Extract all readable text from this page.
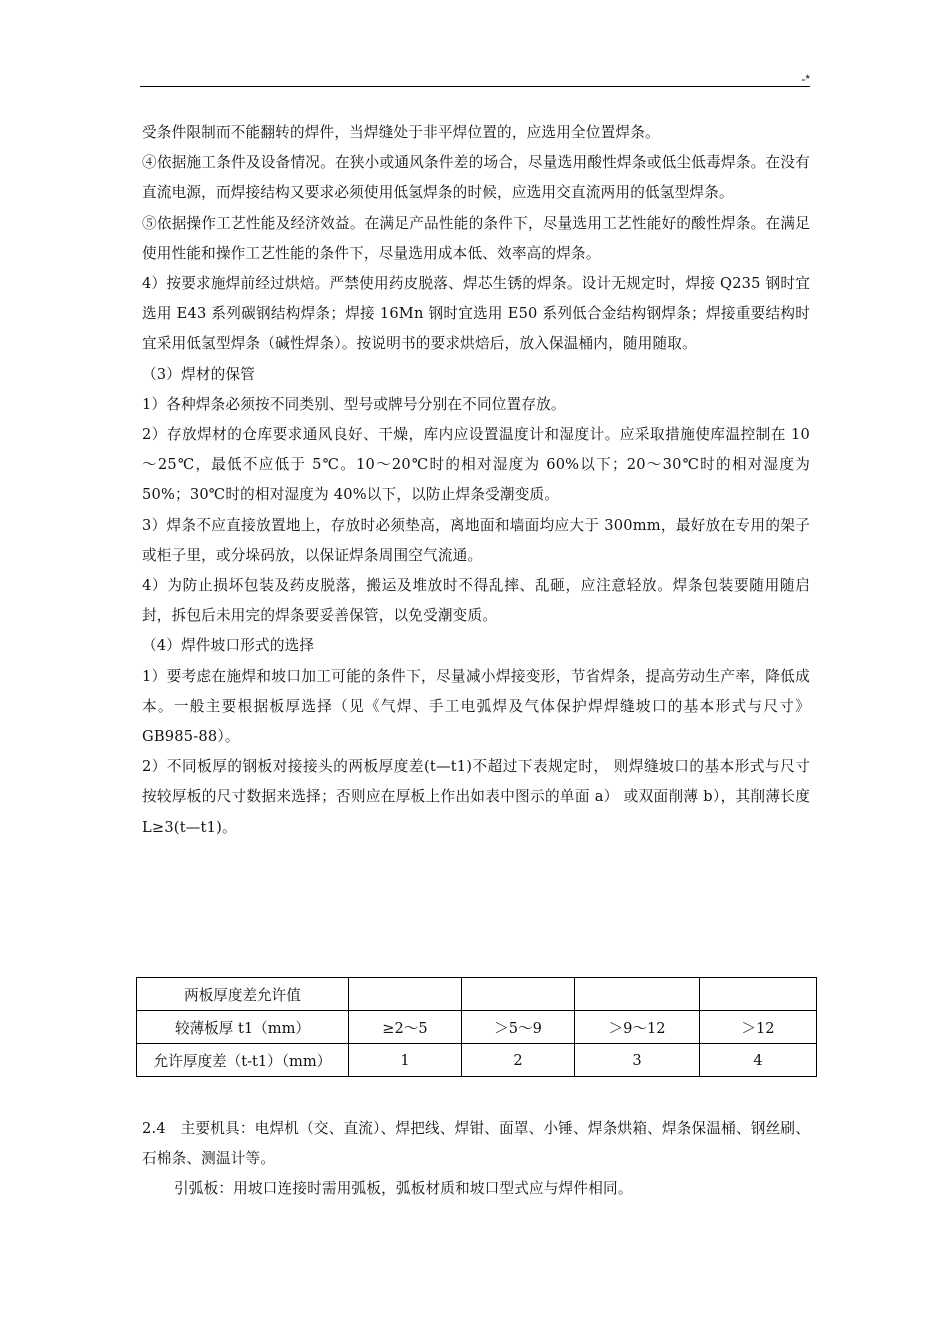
-*

受条件限制而不能翻转的焊件，当焊缝处于非平焊位置的，应选用全位置焊条。

④依据施工条件及设备情况。在狭小或通风条件差的场合，尽量选用酸性焊条或低尘低毒焊条。在没有直流电源，而焊接结构又要求必须使用低氢焊条的时候，应选用交直流两用的低氢型焊条。

⑤依据操作工艺性能及经济效益。在满足产品性能的条件下，尽量选用工艺性能好的酸性焊条。在满足使用性能和操作工艺性能的条件下，尽量选用成本低、效率高的焊条。

4）按要求施焊前经过烘焙。严禁使用药皮脱落、焊芯生锈的焊条。设计无规定时，焊接 Q235 钢时宜选用 E43 系列碳钢结构焊条；焊接 16Mn 钢时宜选用 E50 系列低合金结构钢焊条；焊接重要结构时宜采用低氢型焊条（碱性焊条）。按说明书的要求烘焙后，放入保温桶内，随用随取。

（3）焊材的保管

1）各种焊条必须按不同类别、型号或牌号分别在不同位置存放。

2）存放焊材的仓库要求通风良好、干燥，库内应设置温度计和湿度计。应采取措施使库温控制在 10～25℃，最低不应低于 5℃。10～20℃时的相对湿度为 60%以下；20～30℃时的相对湿度为 50%；30℃时的相对湿度为 40%以下，以防止焊条受潮变质。

3）焊条不应直接放置地上，存放时必须垫高，离地面和墙面均应大于 300mm，最好放在专用的架子或柜子里，或分垛码放，以保证焊条周围空气流通。

4）为防止损坏包装及药皮脱落，搬运及堆放时不得乱摔、乱砸，应注意轻放。焊条包装要随用随启封，拆包后未用完的焊条要妥善保管，以免受潮变质。

（4）焊件坡口形式的选择

1）要考虑在施焊和坡口加工可能的条件下，尽量减小焊接变形，节省焊条，提高劳动生产率，降低成本。一般主要根据板厚选择（见《气焊、手工电弧焊及气体保护焊焊缝坡口的基本形式与尺寸》GB985-88）。

2）不同板厚的钢板对接接头的两板厚度差(t—t1)不超过下表规定时， 则焊缝坡口的基本形式与尺寸按较厚板的尺寸数据来选择；否则应在厚板上作出如表中图示的单面 a） 或双面削薄 b），其削薄长度 L≥3(t—t1)。

两板厚度差允许值				
较薄板厚 t1（mm）	≥2～5	＞5～9	＞9～12	＞12
允许厚度差（t-t1）（mm）	1	2	3	4

2.4　主要机具：电焊机（交、直流）、焊把线、焊钳、面罩、小锤、焊条烘箱、焊条保温桶、钢丝刷、石棉条、测温计等。

引弧板：用坡口连接时需用弧板，弧板材质和坡口型式应与焊件相同。
